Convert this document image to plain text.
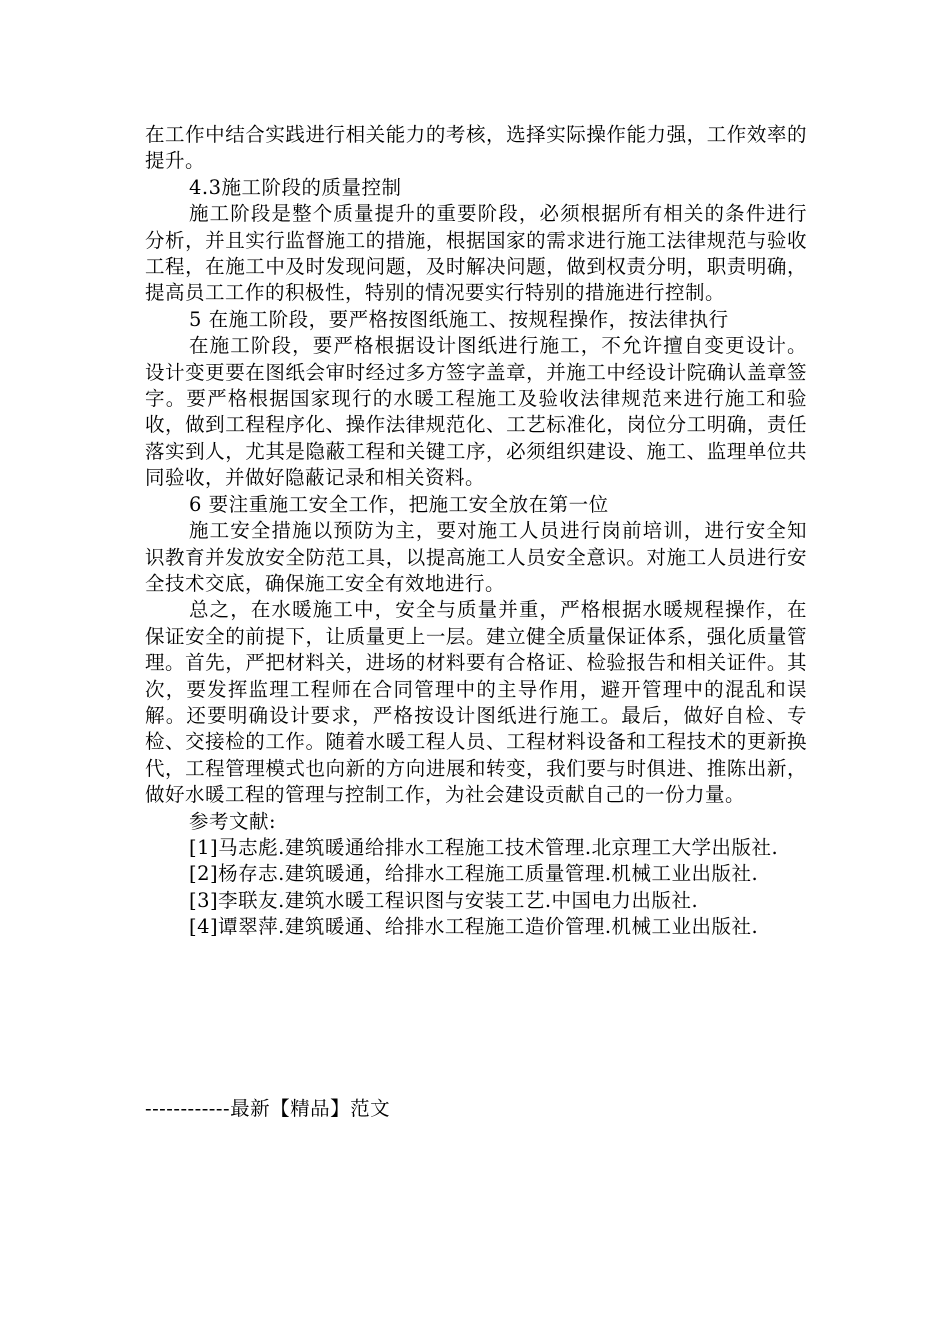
在工作中结合实践进行相关能力的考核，选择实际操作能力强，工作效率的提升。

4.3施工阶段的质量控制

施工阶段是整个质量提升的重要阶段，必须根据所有相关的条件进行分析，并且实行监督施工的措施，根据国家的需求进行施工法律规范与验收工程，在施工中及时发现问题，及时解决问题，做到权责分明，职责明确，提高员工工作的积极性，特别的情况要实行特别的措施进行控制。

5 在施工阶段，要严格按图纸施工、按规程操作，按法律执行

在施工阶段，要严格根据设计图纸进行施工，不允许擅自变更设计。设计变更要在图纸会审时经过多方签字盖章，并施工中经设计院确认盖章签字。要严格根据国家现行的水暖工程施工及验收法律规范来进行施工和验收，做到工程程序化、操作法律规范化、工艺标准化，岗位分工明确，责任落实到人，尤其是隐蔽工程和关键工序，必须组织建设、施工、监理单位共同验收，并做好隐蔽记录和相关资料。

6 要注重施工安全工作，把施工安全放在第一位

施工安全措施以预防为主，要对施工人员进行岗前培训，进行安全知识教育并发放安全防范工具，以提高施工人员安全意识。对施工人员进行安全技术交底，确保施工安全有效地进行。

总之，在水暖施工中，安全与质量并重，严格根据水暖规程操作，在保证安全的前提下，让质量更上一层。建立健全质量保证体系，强化质量管理。首先，严把材料关，进场的材料要有合格证、检验报告和相关证件。其次，要发挥监理工程师在合同管理中的主导作用，避开管理中的混乱和误解。还要明确设计要求，严格按设计图纸进行施工。最后，做好自检、专检、交接检的工作。随着水暖工程人员、工程材料设备和工程技术的更新换代，工程管理模式也向新的方向进展和转变，我们要与时俱进、推陈出新，做好水暖工程的管理与控制工作，为社会建设贡献自己的一份力量。

参考文献:

[1]马志彪.建筑暖通给排水工程施工技术管理.北京理工大学出版社.

[2]杨存志.建筑暖通，给排水工程施工质量管理.机械工业出版社.

[3]李联友.建筑水暖工程识图与安装工艺.中国电力出版社.

[4]谭翠萍.建筑暖通、给排水工程施工造价管理.机械工业出版社.

------------最新【精品】范文
